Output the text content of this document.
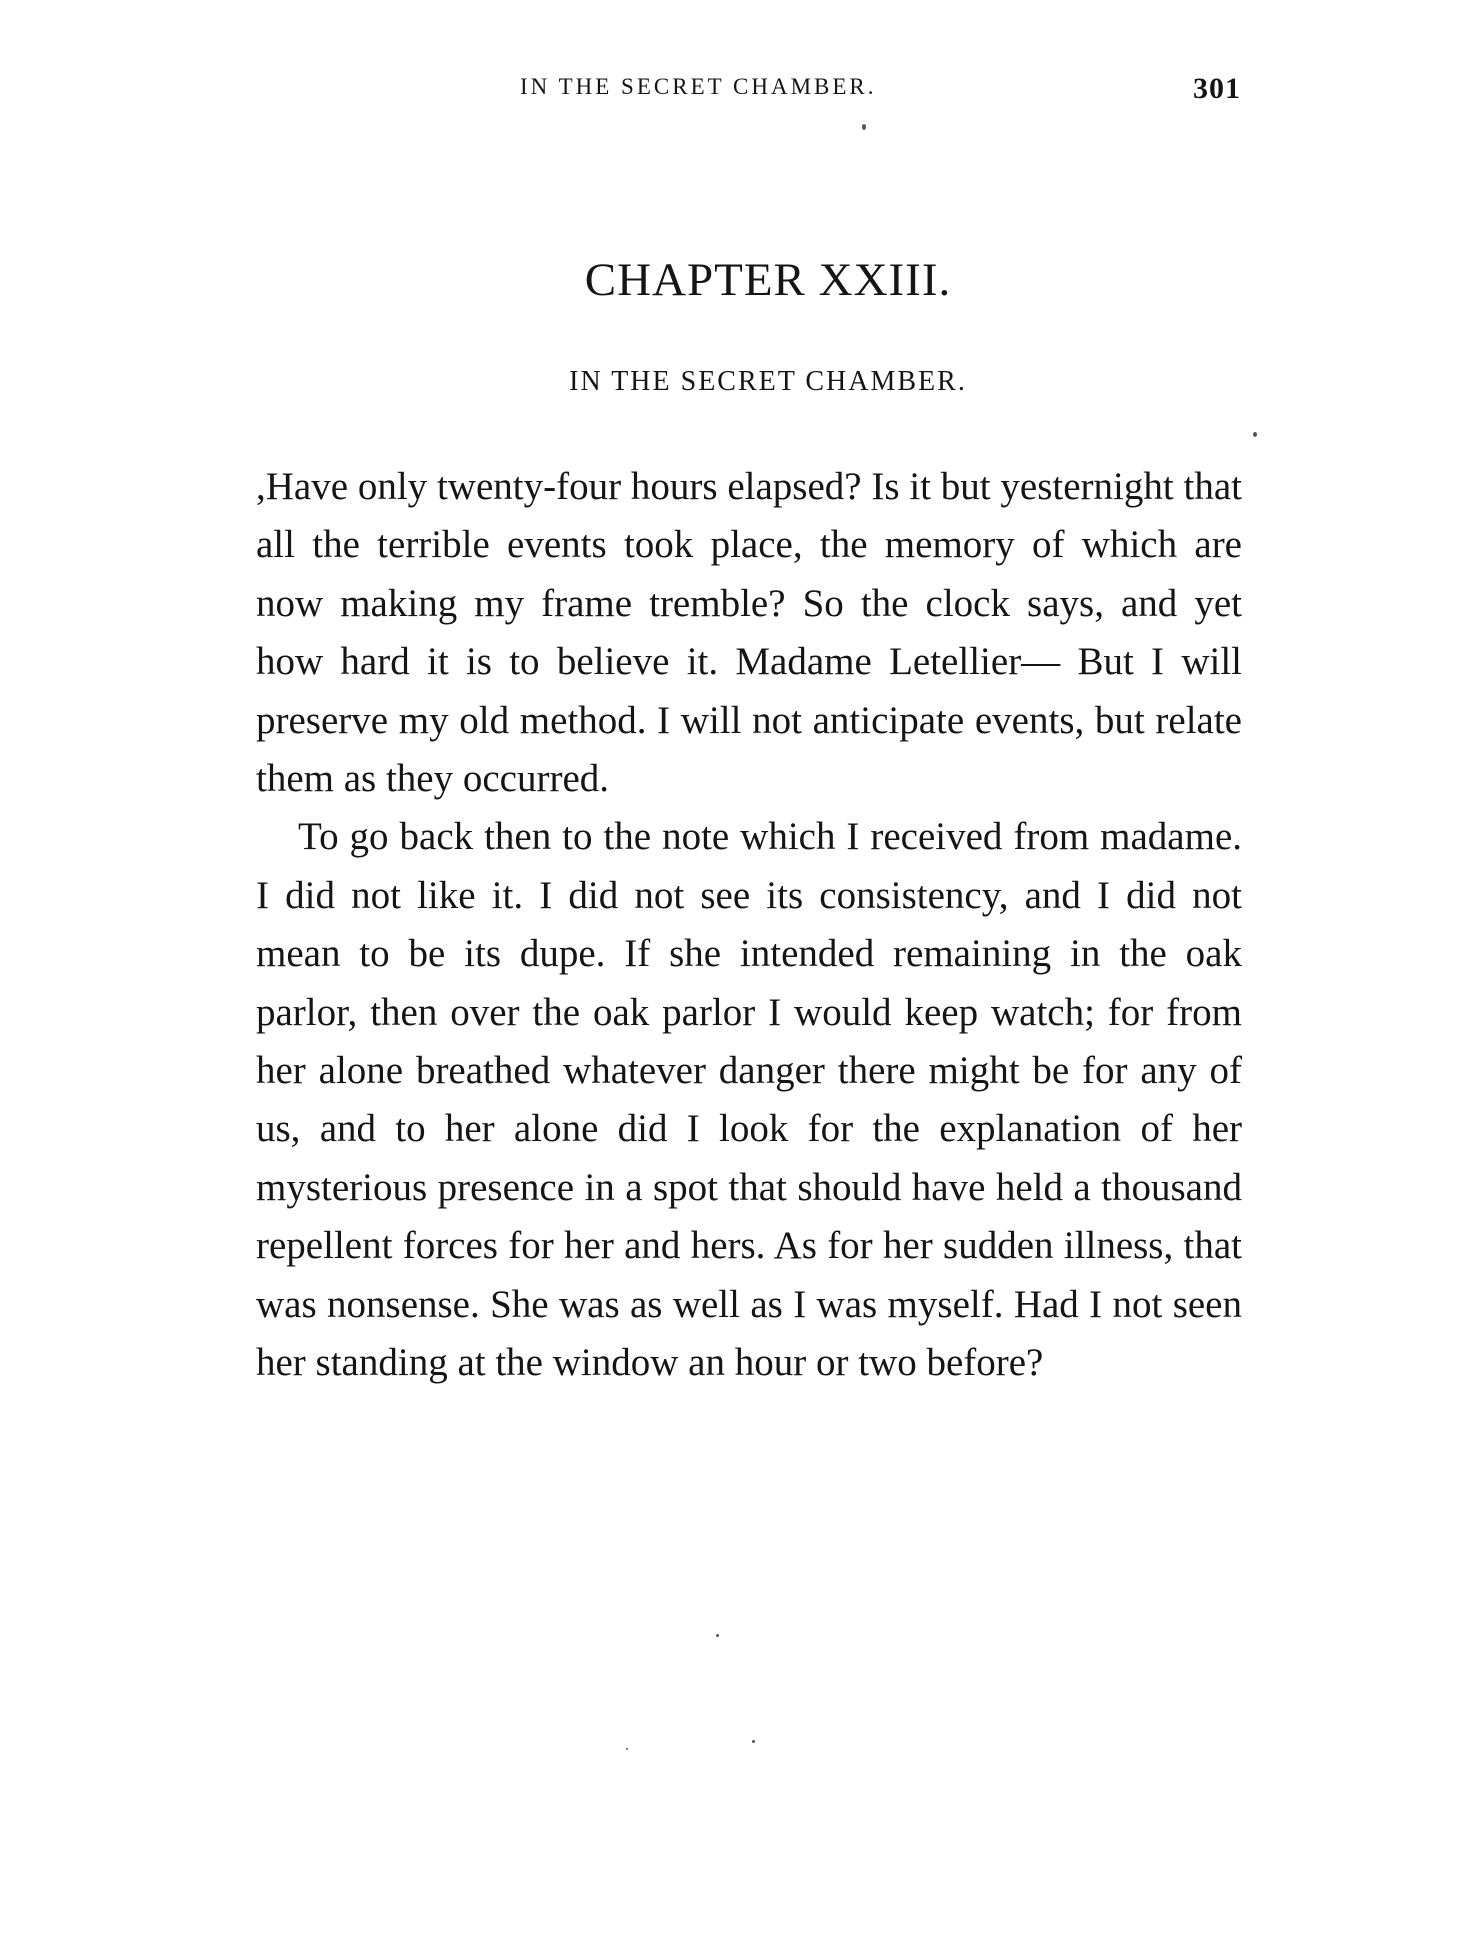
IN THE SECRET CHAMBER.	301
CHAPTER XXIII.
IN THE SECRET CHAMBER.

,Have only twenty-four hours elapsed? Is it but yesternight that all the terrible events took place, the memory of which are now making my frame tremble? So the clock says, and yet how hard it is to believe it. Madame Letellier— But I will preserve my old method. I will not anticipate events, but relate them as they occurred.

To go back then to the note which I received from madame. I did not like it. I did not see its consistency, and I did not mean to be its dupe. If she intended remaining in the oak parlor, then over the oak parlor I would keep watch; for from her alone breathed whatever danger there might be for any of us, and to her alone did I look for the explanation of her mysterious presence in a spot that should have held a thousand repellent forces for her and hers. As for her sudden illness, that was nonsense. She was as well as I was myself. Had I not seen her standing at the window an hour or two before?
